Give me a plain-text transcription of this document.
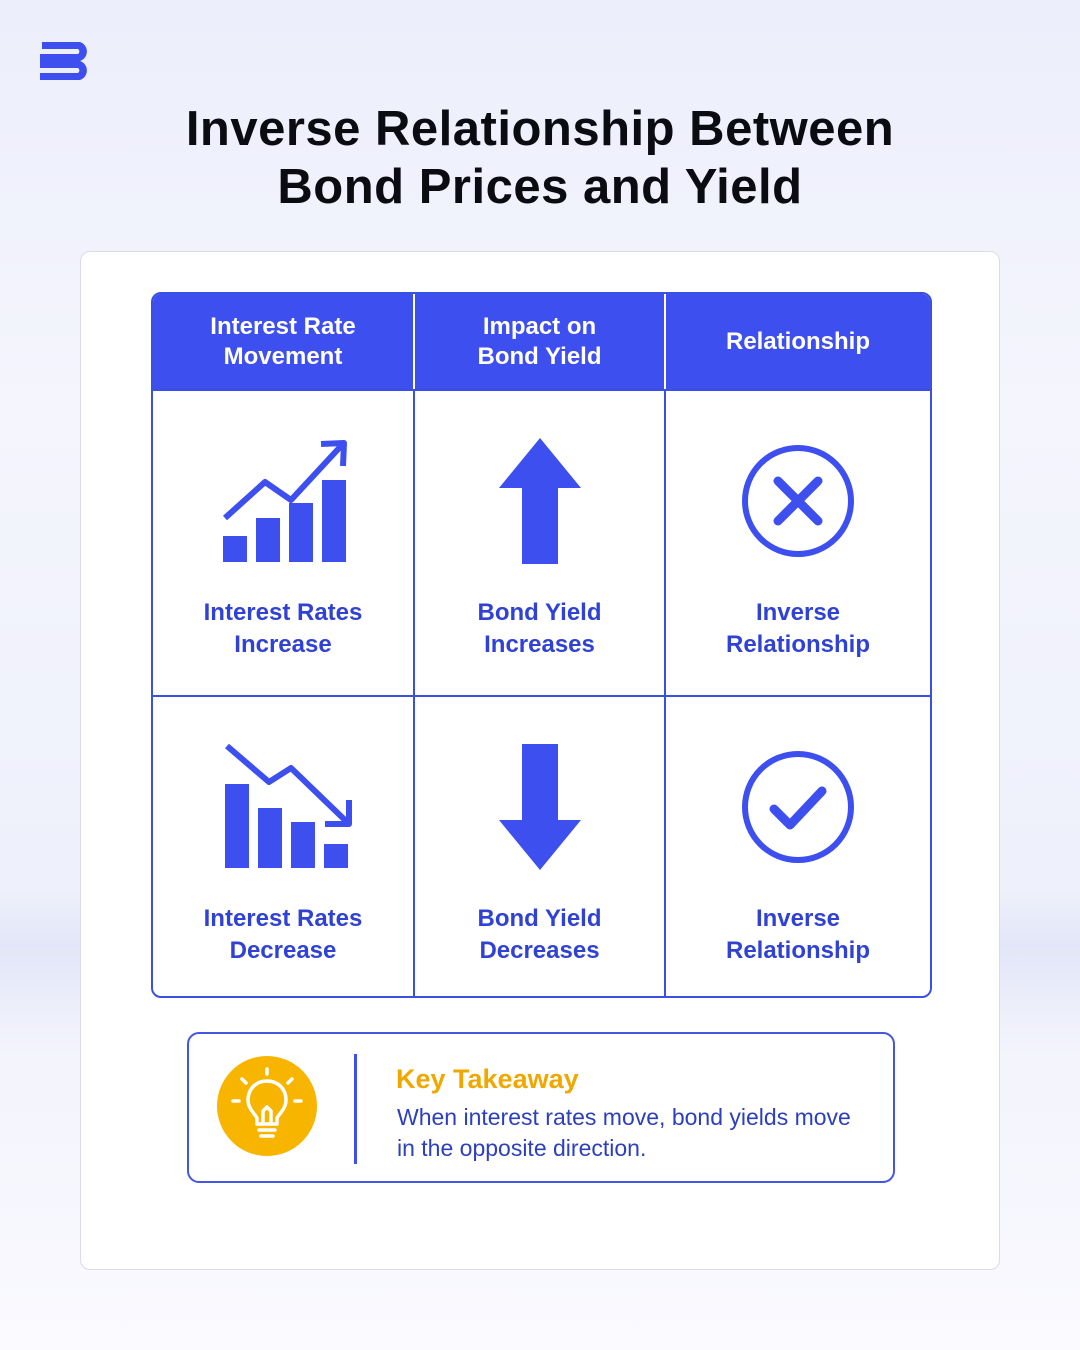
Inverse Relationship Between
Bond Prices and Yield
Interest Rate
Movement
Impact on
Bond Yield
Relationship
Interest Rates
Increase
Bond Yield
Increases
Inverse
Relationship
Interest Rates
Decrease
Bond Yield
Decreases
Inverse
Relationship
Key Takeaway
When interest rates move, bond yields move in the opposite direction.
